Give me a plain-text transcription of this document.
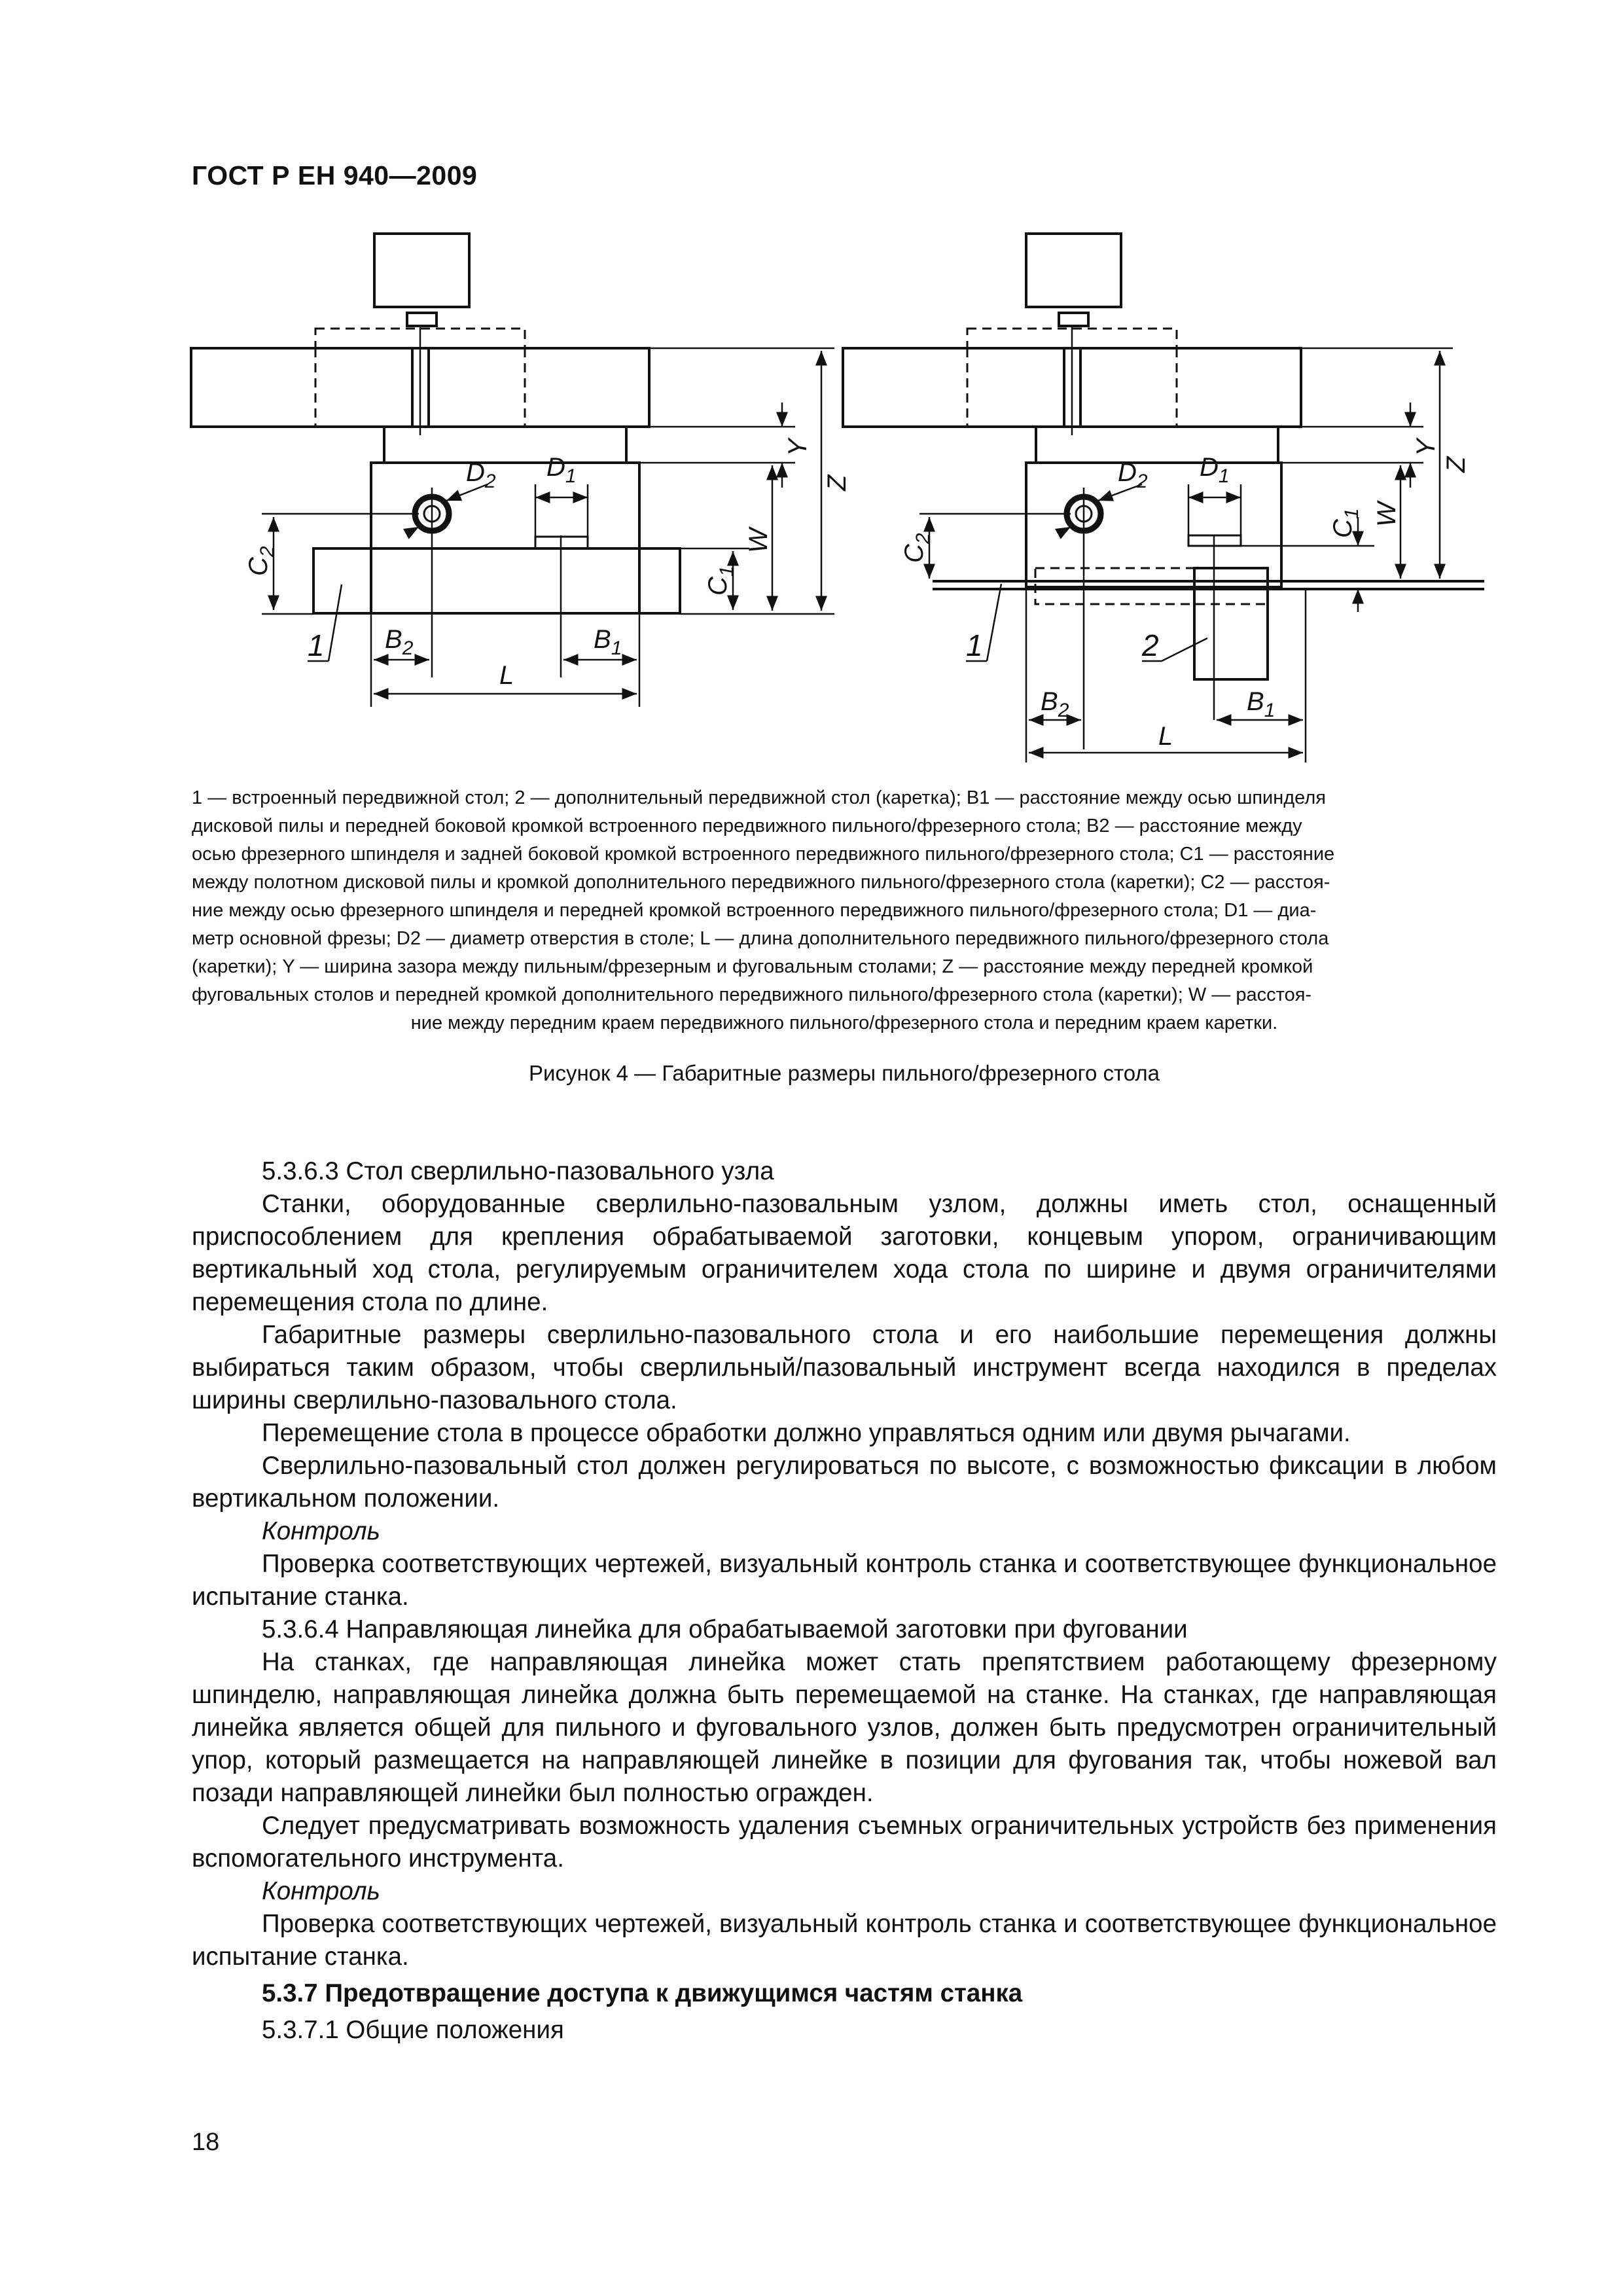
ГОСТ Р ЕН 940—2009
$D_2$ $D_1$
$C_2$
$C_1$
W
Y
Z
$B_2$	$B_1$
L
1
$D_2$ $D_1$
$C_2$
$C_1$ W
Y
Z
$B_2$	$B_1$
L
1	2

1 — встроенный передвижной стол; 2 — дополнительный передвижной стол (каретка); B1 — расстояние между осью шпинделя

дисковой пилы и передней боковой кромкой встроенного передвижного пильного/фрезерного стола; B2 — расстояние между

осью фрезерного шпинделя и задней боковой кромкой встроенного передвижного пильного/фрезерного стола; C1 — расстояние

между полотном дисковой пилы и кромкой дополнительного передвижного пильного/фрезерного стола (каретки); C2 — расстоя-

ние между осью фрезерного шпинделя и передней кромкой встроенного передвижного пильного/фрезерного стола; D1 — диа-

метр основной фрезы; D2 — диаметр отверстия в столе; L — длина дополнительного передвижного пильного/фрезерного стола

(каретки); Y — ширина зазора между пильным/фрезерным и фуговальным столами; Z — расстояние между передней кромкой

фуговальных столов и передней кромкой дополнительного передвижного пильного/фрезерного стола (каретки); W — расстоя-

ние между передним краем передвижного пильного/фрезерного стола и передним краем каретки.

Рисунок 4 — Габаритные размеры пильного/фрезерного стола

5.3.6.3 Стол сверлильно-пазовального узла

Станки, оборудованные сверлильно-пазовальным узлом, должны иметь стол, оснащенный приспособлением для крепления обрабатываемой заготовки, концевым упором, ограничивающим вертикальный ход стола, регулируемым ограничителем хода стола по ширине и двумя ограничителями перемещения стола по длине.

Габаритные размеры сверлильно-пазовального стола и его наибольшие перемещения должны выбираться таким образом, чтобы сверлильный/пазовальный инструмент всегда находился в пределах ширины сверлильно-пазовального стола.

Перемещение стола в процессе обработки должно управляться одним или двумя рычагами.

Сверлильно-пазовальный стол должен регулироваться по высоте, с возможностью фиксации в любом вертикальном положении.

Контроль

Проверка соответствующих чертежей, визуальный контроль станка и соответствующее функциональное испытание станка.

5.3.6.4 Направляющая линейка для обрабатываемой заготовки при фуговании

На станках, где направляющая линейка может стать препятствием работающему фрезерному шпинделю, направляющая линейка должна быть перемещаемой на станке. На станках, где направляющая линейка является общей для пильного и фуговального узлов, должен быть предусмотрен ограничительный упор, который размещается на направляющей линейке в позиции для фугования так, чтобы ножевой вал позади направляющей линейки был полностью огражден.

Следует предусматривать возможность удаления съемных ограничительных устройств без применения вспомогательного инструмента.

Контроль

Проверка соответствующих чертежей, визуальный контроль станка и соответствующее функциональное испытание станка.

5.3.7 Предотвращение доступа к движущимся частям станка

5.3.7.1 Общие положения

18
